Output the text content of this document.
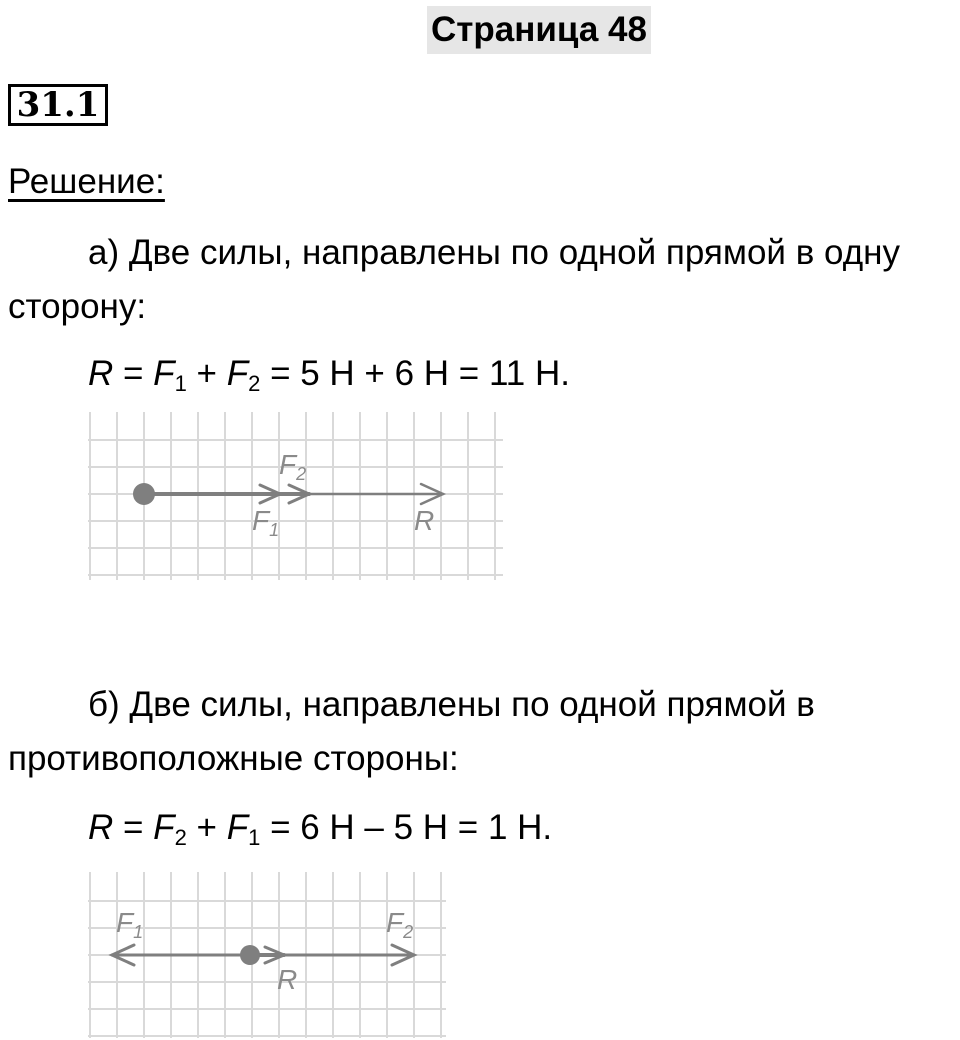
Страница 48
31.1
Решение:
а) Две силы, направлены по одной прямой в одну сторону:
$R = F_1 + F_2 = 5$ Н + 6 Н = 11 Н.
$F_2$
$F_1$	R
б) Две силы, направлены по одной прямой в противоположные стороны:
$R = F_2 + F_1 = 6$ Н – 5 Н = 1 Н.
$F_1$	$F_2$
R
